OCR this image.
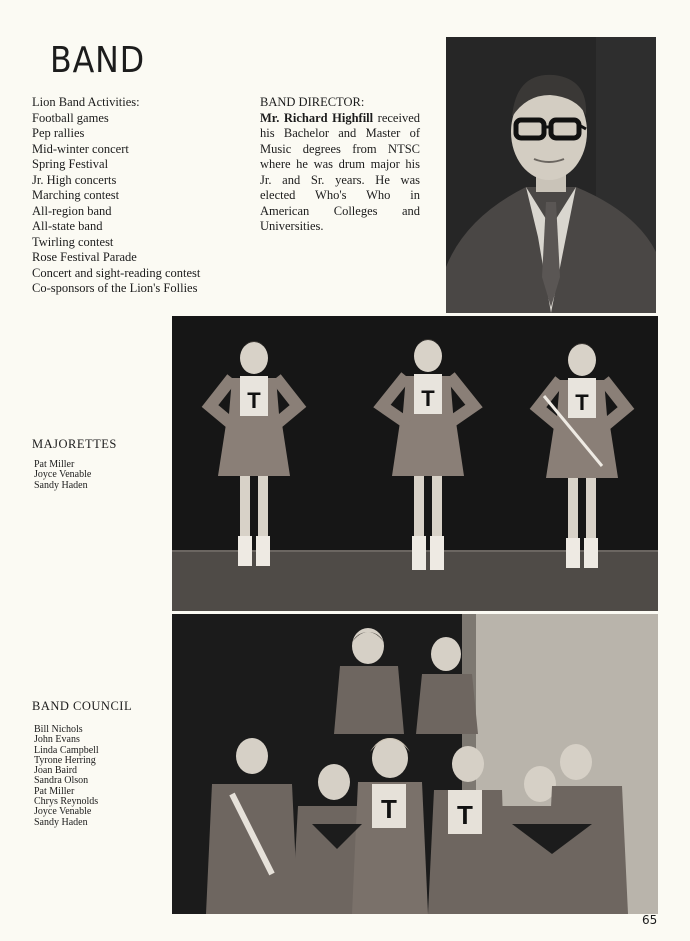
BAND
Lion Band Activities:
Football games
Pep rallies
Mid-winter concert
Spring Festival
Jr. High concerts
Marching contest
All-region band
All-state band
Twirling contest
Rose Festival Parade
Concert and sight-reading contest
Co-sponsors of the Lion's Follies
BAND DIRECTOR:
Mr. Richard Highfill received his Bachelor and Master of Music degrees from NTSC where he was drum major his Jr. and Sr. years. He was elected Who's Who in American Colleges and Universities.
T	T	T
T T
MAJORETTES
Pat Miller
Joyce Venable
Sandy Haden
BAND COUNCIL
Bill Nichols
John Evans
Linda Campbell
Tyrone Herring
Joan Baird
Sandra Olson
Pat Miller
Chrys Reynolds
Joyce Venable
Sandy Haden
65
